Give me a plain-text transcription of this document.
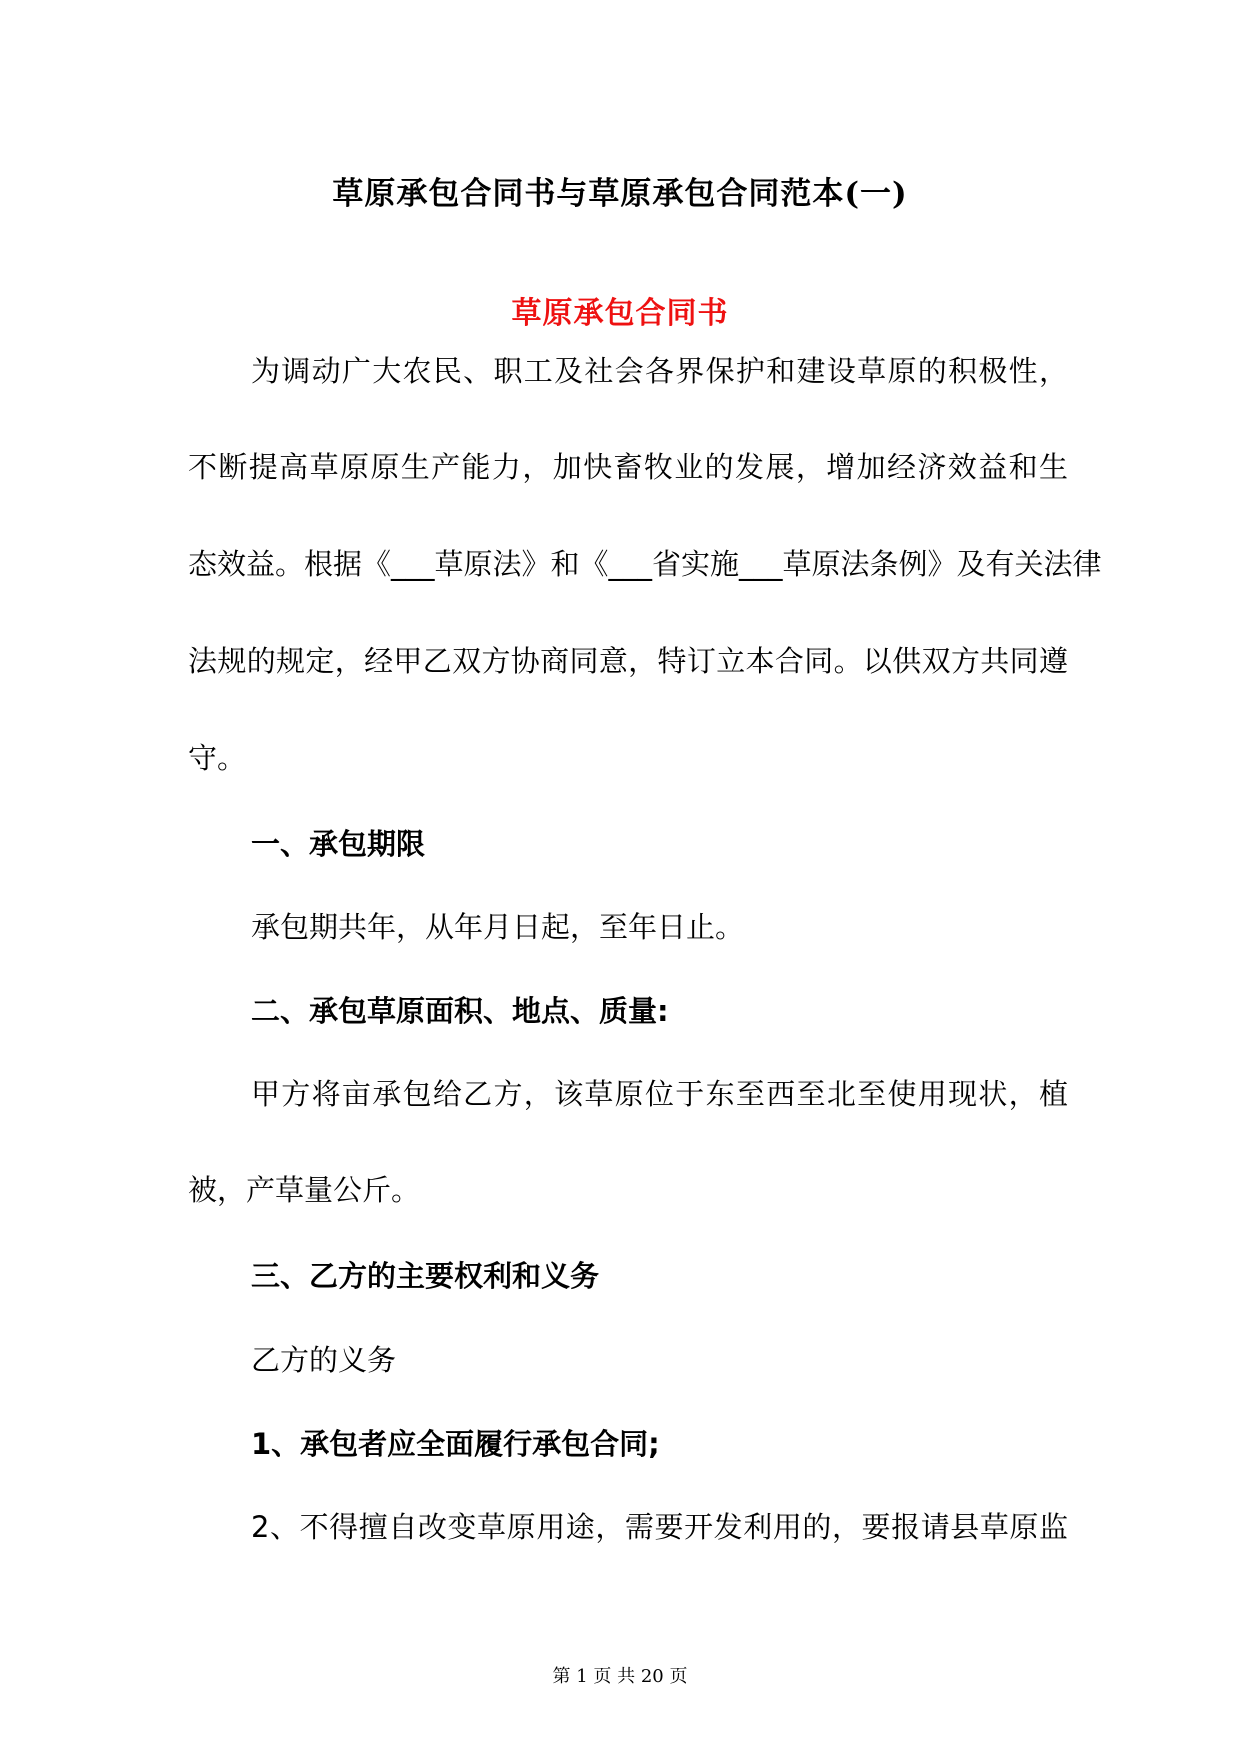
草原承包合同书与草原承包合同范本(一)
草原承包合同书
为调动广大农民、职工及社会各界保护和建设草原的积极性，
不断提高草原原生产能力，加快畜牧业的发展，增加经济效益和生
态效益。根据《___草原法》和《___省实施___草原法条例》及有关法律
法规的规定，经甲乙双方协商同意，特订立本合同。以供双方共同遵
守。
一、承包期限
承包期共年，从年月日起，至年日止。
二、承包草原面积、地点、质量:
甲方将亩承包给乙方，该草原位于东至西至北至使用现状，植
被，产草量公斤。
三、乙方的主要权利和义务
乙方的义务
1、承包者应全面履行承包合同;
2、不得擅自改变草原用途，需要开发利用的，要报请县草原监
第 1 页 共 20 页
